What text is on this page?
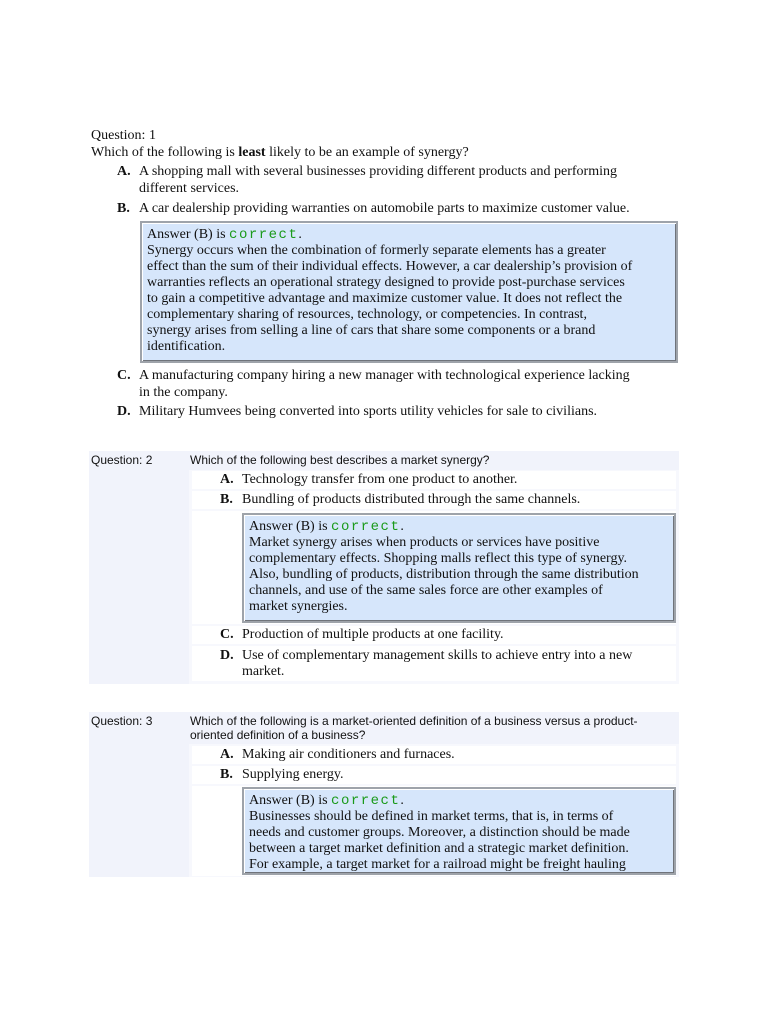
Question: 1
Which of the following is least likely to be an example of synergy?
A. A shopping mall with several businesses providing different products and performing
different services.
B. A car dealership providing warranties on automobile parts to maximize customer value.

Answer (B) is correct.

Synergy occurs when the combination of formerly separate elements has a greater

effect than the sum of their individual effects. However, a car dealership’s provision of

warranties reflects an operational strategy designed to provide post-purchase services

to gain a competitive advantage and maximize customer value. It does not reflect the

complementary sharing of resources, technology, or competencies. In contrast,

synergy arises from selling a line of cars that share some components or a brand

identification.

C. A manufacturing company hiring a new manager with technological experience lacking
in the company.
D. Military Humvees being converted into sports utility vehicles for sale to civilians.
Question: 2	Which of the following best describes a market synergy?
A. Technology transfer from one product to another.
B. Bundling of products distributed through the same channels.

Answer (B) is correct.

Market synergy arises when products or services have positive

complementary effects. Shopping malls reflect this type of synergy.

Also, bundling of products, distribution through the same distribution

channels, and use of the same sales force are other examples of

market synergies.

C. Production of multiple products at one facility.
D. Use of complementary management skills to achieve entry into a new
market.
Question: 3	Which of the following is a market-oriented definition of a business versus a product-
oriented definition of a business?
A. Making air conditioners and furnaces.
B. Supplying energy.

Answer (B) is correct.

Businesses should be defined in market terms, that is, in terms of

needs and customer groups. Moreover, a distinction should be made

between a target market definition and a strategic market definition.

For example, a target market for a railroad might be freight hauling
